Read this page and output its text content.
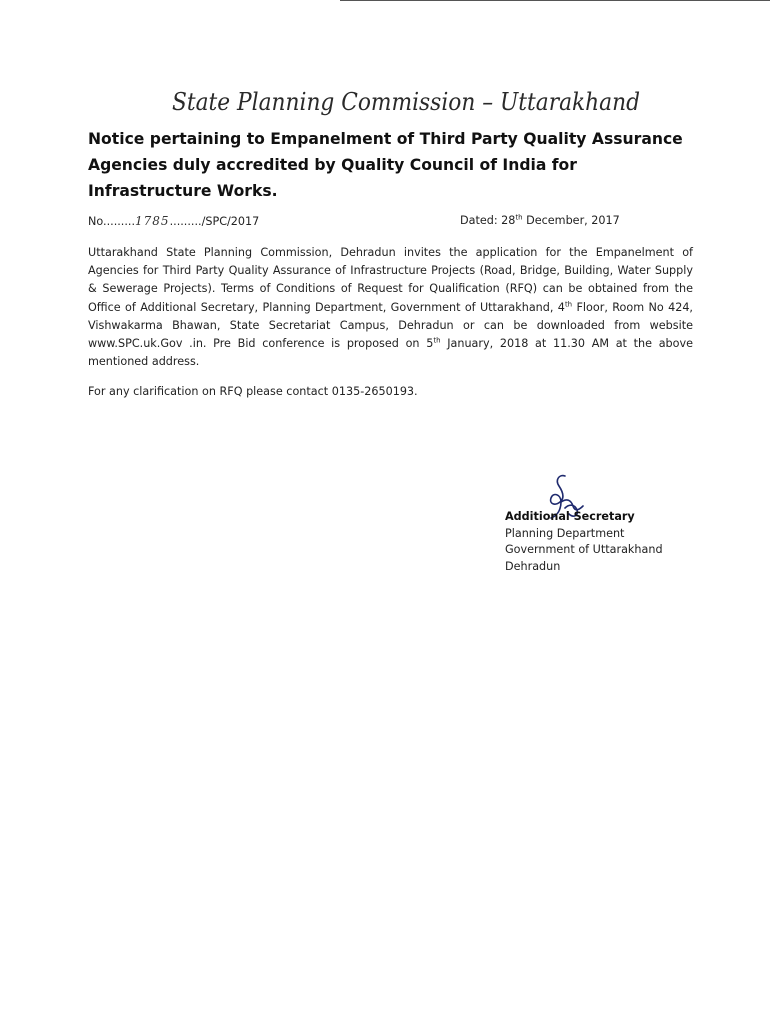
State Planning Commission – Uttarakhand
Notice pertaining to Empanelment of Third Party Quality Assurance Agencies duly accredited by Quality Council of India for Infrastructure Works.
No.........1785........./SPC/2017	Dated: 28th December, 2017

Uttarakhand State Planning Commission, Dehradun invites the application for the Empanelment of Agencies for Third Party Quality Assurance of Infrastructure Projects (Road, Bridge, Building, Water Supply & Sewerage Projects). Terms of Conditions of Request for Qualification (RFQ) can be obtained from the Office of Additional Secretary, Planning Department, Government of Uttarakhand, 4th Floor, Room No 424, Vishwakarma Bhawan, State Secretariat Campus, Dehradun or can be downloaded from website www.SPC.uk.Gov .in. Pre Bid conference is proposed on 5th January, 2018 at 11.30 AM at the above mentioned address.

For any clarification on RFQ please contact 0135-2650193.
Additional Secretary
Planning Department
Government of Uttarakhand
Dehradun
